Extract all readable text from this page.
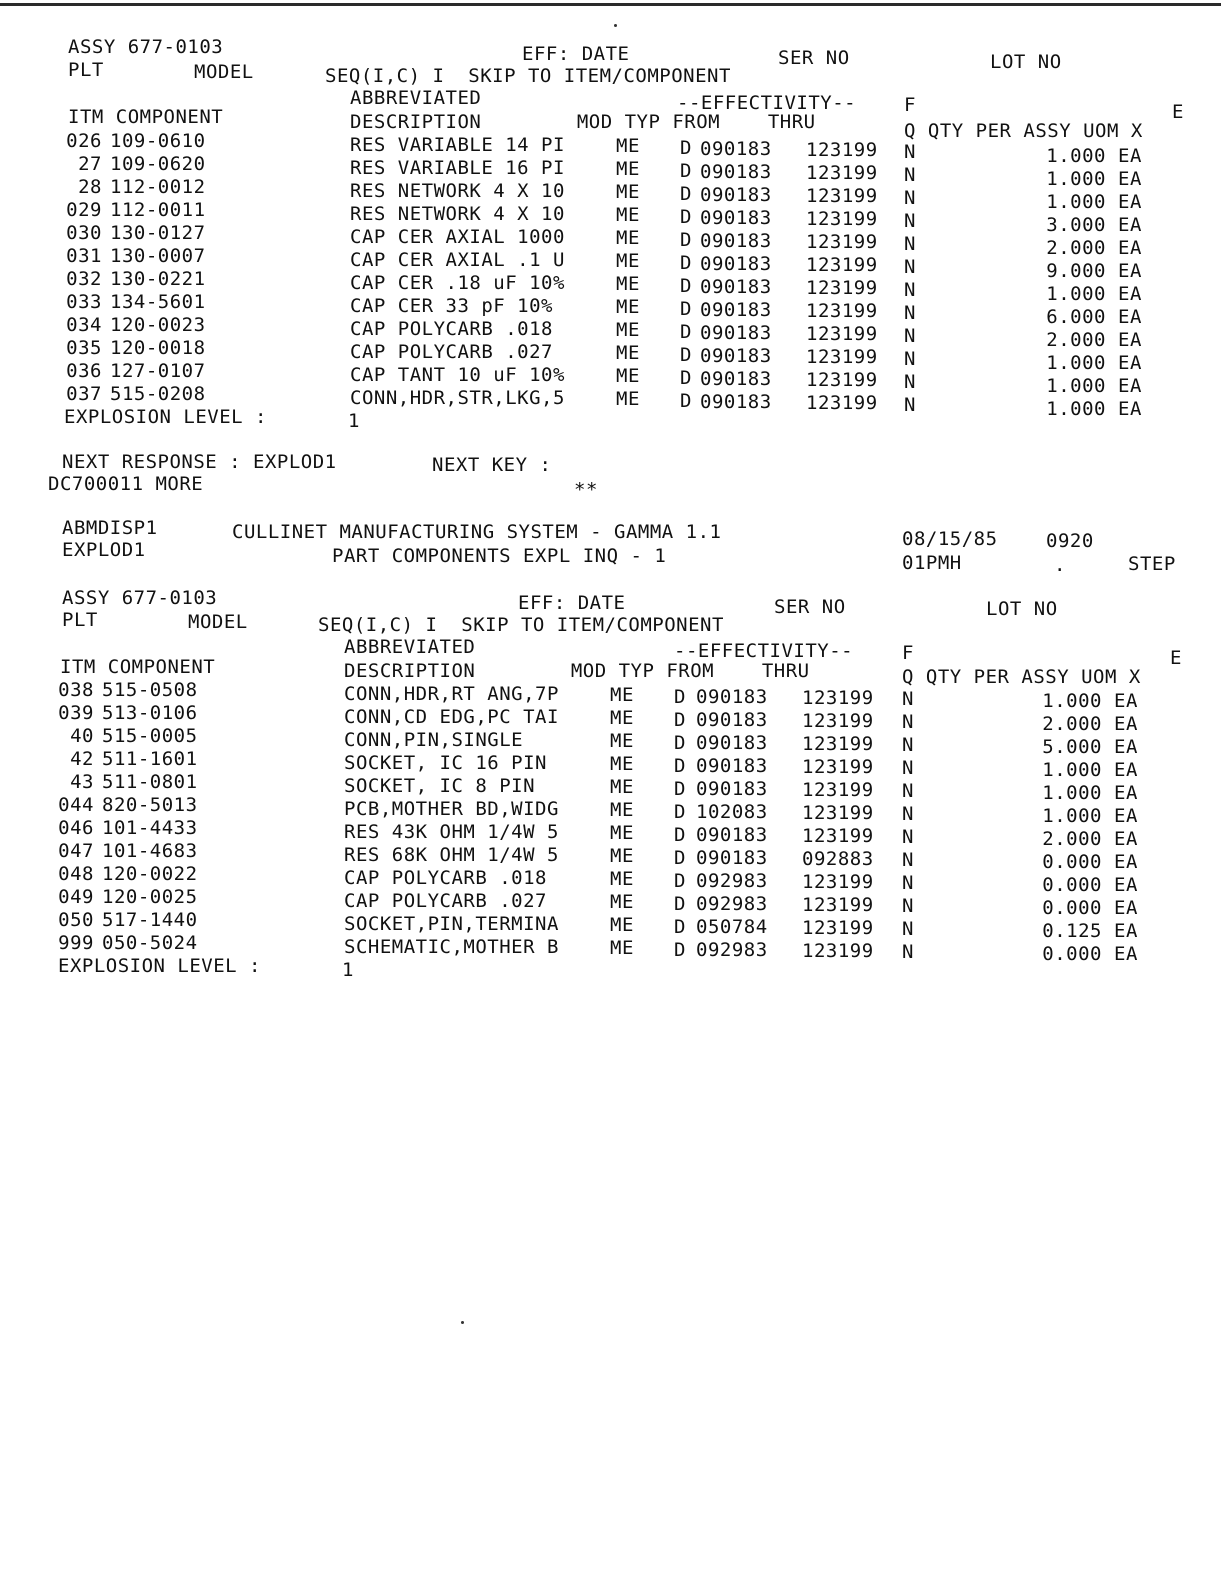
ASSY 677-0103	EFF: DATE	SER NO	LOT NO
PLT	MODEL	SEQ(I,C) I  SKIP TO ITEM/COMPONENT
ABBREVIATED	--EFFECTIVITY--	F	E
ITM COMPONENT	DESCRIPTION        MOD TYP FROM    THRU	Q QTY PER ASSY UOM X
026 109-0610	RES VARIABLE 14 PI	ME D 090183 123199 N	1.000 EA
27 109-0620	RES VARIABLE 16 PI	ME D 090183 123199 N	1.000 EA
28 112-0012	RES NETWORK 4 X 10	ME D 090183 123199 N	1.000 EA
029 112-0011	RES NETWORK 4 X 10	ME D 090183 123199 N	3.000 EA
030 130-0127	CAP CER AXIAL 1000	ME D 090183 123199 N	2.000 EA
031 130-0007	CAP CER AXIAL .1 U	ME D 090183 123199 N	9.000 EA
032 130-0221	CAP CER .18 uF 10%	ME D 090183 123199 N	1.000 EA
033 134-5601	CAP CER 33 pF 10%	ME D 090183 123199 N	6.000 EA
034 120-0023	CAP POLYCARB .018	ME D 090183 123199 N	2.000 EA
035 120-0018	CAP POLYCARB .027	ME D 090183 123199 N	1.000 EA
036 127-0107	CAP TANT 10 uF 10%	ME D 090183 123199 N	1.000 EA
037 515-0208	CONN,HDR,STR,LKG,5	ME D 090183 123199 N	1.000 EA
EXPLOSION LEVEL :	1
NEXT RESPONSE : EXPLOD1	NEXT KEY :
DC700011 MORE	**
ABMDISP1	CULLINET MANUFACTURING SYSTEM - GAMMA 1.1	08/15/85	0920
EXPLOD1	PART COMPONENTS EXPL INQ - 1	01PMH	.	STEP
ASSY 677-0103	EFF: DATE	SER NO	LOT NO
PLT	MODEL	SEQ(I,C) I  SKIP TO ITEM/COMPONENT
ABBREVIATED	--EFFECTIVITY--	F	E
ITM COMPONENT	DESCRIPTION        MOD TYP FROM    THRU	Q QTY PER ASSY UOM X
038 515-0508	CONN,HDR,RT ANG,7P	ME D 090183 123199 N	1.000 EA
039 513-0106	CONN,CD EDG,PC TAI	ME D 090183 123199 N	2.000 EA
40 515-0005	CONN,PIN,SINGLE	ME D 090183 123199 N	5.000 EA
42 511-1601	SOCKET, IC 16 PIN	ME D 090183 123199 N	1.000 EA
43 511-0801	SOCKET, IC 8 PIN	ME D 090183 123199 N	1.000 EA
044 820-5013	PCB,MOTHER BD,WIDG	ME D 102083 123199 N	1.000 EA
046 101-4433	RES 43K OHM 1/4W 5	ME D 090183 123199 N	2.000 EA
047 101-4683	RES 68K OHM 1/4W 5	ME D 090183 092883 N	0.000 EA
048 120-0022	CAP POLYCARB .018	ME D 092983 123199 N	0.000 EA
049 120-0025	CAP POLYCARB .027	ME D 092983 123199 N	0.000 EA
050 517-1440	SOCKET,PIN,TERMINA	ME D 050784 123199 N	0.125 EA
999 050-5024	SCHEMATIC,MOTHER B	ME D 092983 123199 N	0.000 EA
EXPLOSION LEVEL :	1
